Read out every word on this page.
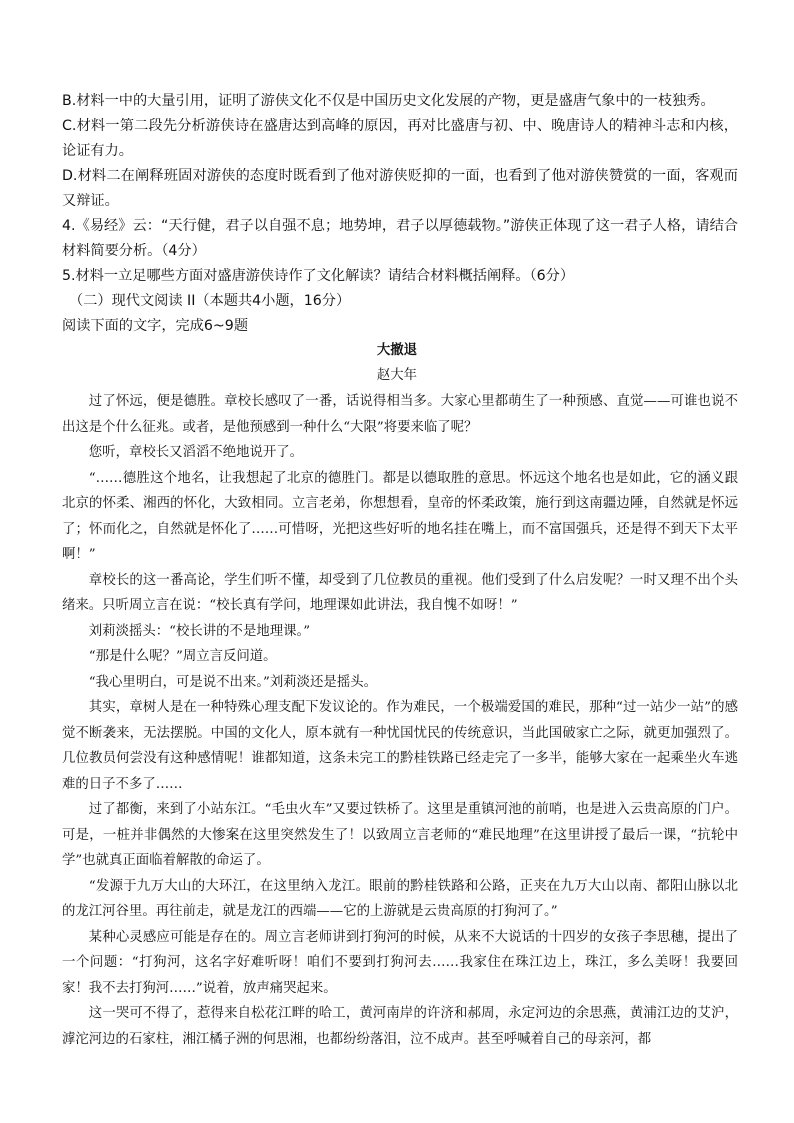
B.材料一中的大量引用，证明了游侠文化不仅是中国历史文化发展的产物，更是盛唐气象中的一枝独秀。

C.材料一第二段先分析游侠诗在盛唐达到高峰的原因，再对比盛唐与初、中、晚唐诗人的精神斗志和内核，论证有力。

D.材料二在阐释班固对游侠的态度时既看到了他对游侠贬抑的一面，也看到了他对游侠赞赏的一面，客观而又辩证。

4.《易经》云：“天行健，君子以自强不息；地势坤，君子以厚德载物。”游侠正体现了这一君子人格，请结合材料简要分析。（4分）

5.材料一立足哪些方面对盛唐游侠诗作了文化解读？请结合材料概括阐释。（6分）

（二）现代文阅读 II（本题共4小题，16分）

阅读下面的文字，完成6~9题

大撤退
赵大年

过了怀远，便是德胜。章校长感叹了一番，话说得相当多。大家心里都萌生了一种预感、直觉——可谁也说不出这是个什么征兆。或者，是他预感到一种什么“大限”将要来临了呢？

您听，章校长又滔滔不绝地说开了。

“……德胜这个地名，让我想起了北京的德胜门。都是以德取胜的意思。怀远这个地名也是如此，它的涵义跟北京的怀柔、湘西的怀化，大致相同。立言老弟，你想想看，皇帝的怀柔政策，施行到这南疆边陲，自然就是怀远了；怀而化之，自然就是怀化了……可惜呀，光把这些好听的地名挂在嘴上，而不富国强兵，还是得不到天下太平啊！”

章校长的这一番高论，学生们听不懂，却受到了几位教员的重视。他们受到了什么启发呢？一时又理不出个头绪来。只听周立言在说：“校长真有学问，地理课如此讲法，我自愧不如呀！”

刘莉淡摇头：“校长讲的不是地理课。”

“那是什么呢？”周立言反问道。

“我心里明白，可是说不出来。”刘莉淡还是摇头。

其实，章树人是在一种特殊心理支配下发议论的。作为难民，一个极端爱国的难民，那种“过一站少一站”的感觉不断袭来，无法摆脱。中国的文化人，原本就有一种忧国忧民的传统意识，当此国破家亡之际，就更加强烈了。几位教员何尝没有这种感情呢！谁都知道，这条未完工的黔桂铁路已经走完了一多半，能够大家在一起乘坐火车逃难的日子不多了……

过了都衡，来到了小站东江。“毛虫火车”又要过铁桥了。这里是重镇河池的前哨，也是进入云贵高原的门户。可是，一桩并非偶然的大惨案在这里突然发生了！以致周立言老师的“难民地理”在这里讲授了最后一课，“抗轮中学”也就真正面临着解散的命运了。

“发源于九万大山的大环江，在这里纳入龙江。眼前的黔桂铁路和公路，正夹在九万大山以南、都阳山脉以北的龙江河谷里。再往前走，就是龙江的西端——它的上游就是云贵高原的打狗河了。”

某种心灵感应可能是存在的。周立言老师讲到打狗河的时候，从来不大说话的十四岁的女孩子李思穗，提出了一个问题：“打狗河，这名字好难听呀！咱们不要到打狗河去……我家住在珠江边上，珠江，多么美呀！我要回家！我不去打狗河……”说着，放声痛哭起来。

这一哭可不得了，惹得来自松花江畔的哈工，黄河南岸的许济和郝周，永定河边的余思燕，黄浦江边的艾沪，滹沱河边的石家柱，湘江橘子洲的何思湘，也都纷纷落泪，泣不成声。甚至呼喊着自己的母亲河，都
